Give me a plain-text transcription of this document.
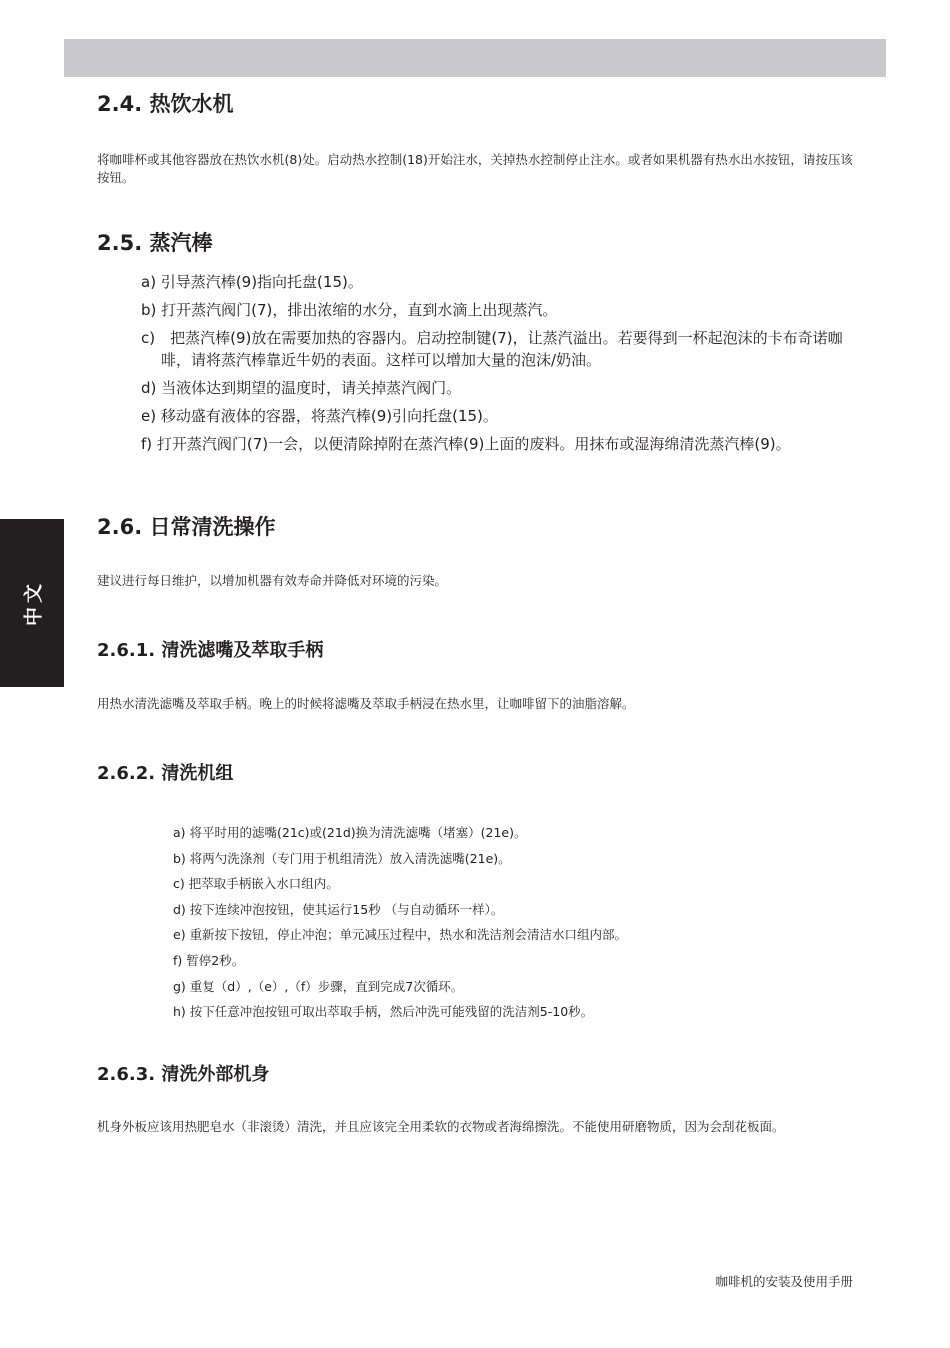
中文
2.4. 热饮水机

将咖啡杯或其他容器放在热饮水机(8)处。启动热水控制(18)开始注水，关掉热水控制停止注水。或者如果机器有热水出水按钮，请按压该按钮。

2.5. 蒸汽棒
a) 引导蒸汽棒(9)指向托盘(15)。
b) 打开蒸汽阀门(7)，排出浓缩的水分，直到水滴上出现蒸汽。
c)　把蒸汽棒(9)放在需要加热的容器内。启动控制键(7)，让蒸汽溢出。若要得到一杯起泡沫的卡布奇诺咖啡，请将蒸汽棒靠近牛奶的表面。这样可以增加大量的泡沫/奶油。
d) 当液体达到期望的温度时，请关掉蒸汽阀门。
e) 移动盛有液体的容器，将蒸汽棒(9)引向托盘(15)。
f) 打开蒸汽阀门(7)一会，以便清除掉附在蒸汽棒(9)上面的废料。用抹布或湿海绵清洗蒸汽棒(9)。
2.6. 日常清洗操作

建议进行每日维护，以增加机器有效寿命并降低对环境的污染。

2.6.1. 清洗滤嘴及萃取手柄

用热水清洗滤嘴及萃取手柄。晚上的时候将滤嘴及萃取手柄浸在热水里，让咖啡留下的油脂溶解。

2.6.2. 清洗机组
a) 将平时用的滤嘴(21c)或(21d)换为清洗滤嘴（堵塞）(21e)。
b) 将两勺洗涤剂（专门用于机组清洗）放入清洗滤嘴(21e)。
c) 把萃取手柄嵌入水口组内。
d) 按下连续冲泡按钮，使其运行15秒 （与自动循环一样）。
e) 重新按下按钮，停止冲泡；单元减压过程中，热水和洗洁剂会清洁水口组内部。
f) 暂停2秒。
g) 重复（d）,（e）,（f）步骤，直到完成7次循环。
h) 按下任意冲泡按钮可取出萃取手柄，然后冲洗可能残留的洗洁剂5-10秒。
2.6.3. 清洗外部机身

机身外板应该用热肥皂水（非滚烫）清洗，并且应该完全用柔软的衣物或者海绵擦洗。不能使用研磨物质，因为会刮花板面。

咖啡机的安装及使用手册
